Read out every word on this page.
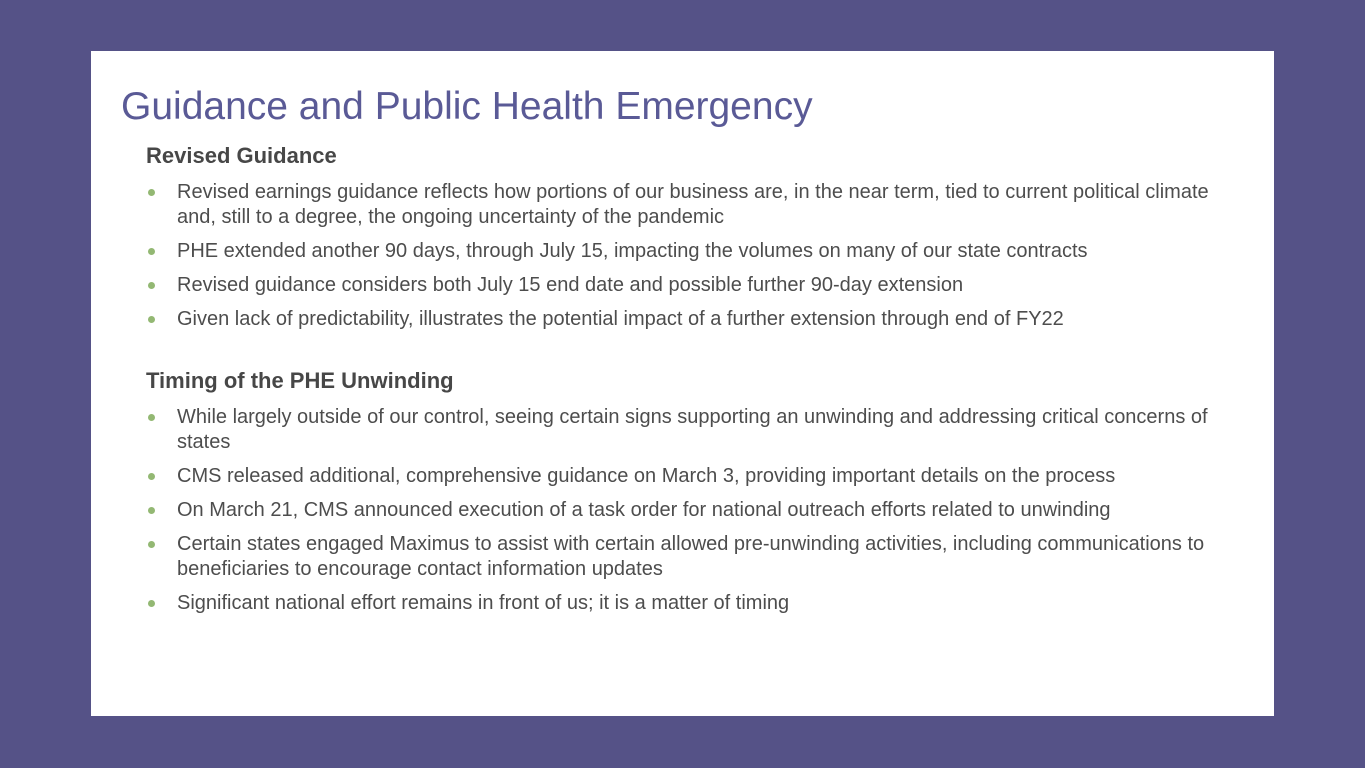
Guidance and Public Health Emergency
Revised Guidance
Revised earnings guidance reflects how portions of our business are, in the near term, tied to current political climate and, still to a degree, the ongoing uncertainty of the pandemic
PHE extended another 90 days, through July 15, impacting the volumes on many of our state contracts
Revised guidance considers both July 15 end date and possible further 90-day extension
Given lack of predictability, illustrates the potential impact of a further extension through end of FY22
Timing of the PHE Unwinding
While largely outside of our control, seeing certain signs supporting an unwinding and addressing critical concerns of states
CMS released additional, comprehensive guidance on March 3, providing important details on the process
On March 21, CMS announced execution of a task order for national outreach efforts related to unwinding
Certain states engaged Maximus to assist with certain allowed pre-unwinding activities, including communications to beneficiaries to encourage contact information updates
Significant national effort remains in front of us; it is a matter of timing
